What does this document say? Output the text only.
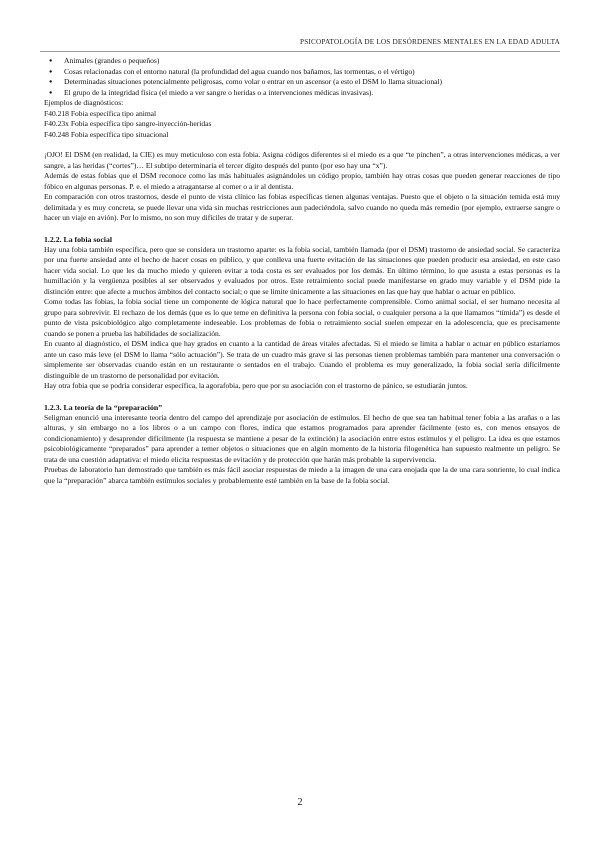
PSICOPATOLOGÍA DE LOS DESÓRDENES MENTALES EN LA EDAD ADULTA
● Animales (grandes o pequeños)
● Cosas relacionadas con el entorno natural (la profundidad del agua cuando nos bañamos, las tormentas, o el vértigo)
● Determinadas situaciones potencialmente peligrosas, como volar o entrar en un ascensor (a esto el DSM lo llama situacional)
● El grupo de la integridad física (el miedo a ver sangre o heridas o a intervenciones médicas invasivas).

Ejemplos de diagnósticos:

F40.218 Fobia específica tipo animal

F40.23x Fobia específica tipo sangre-inyección-heridas

F40.248 Fobia específica tipo situacional

¡OJO! El DSM (en realidad, la CIE) es muy meticuloso con esta fobia. Asigna códigos diferentes si el miedo es a que “te pinchen”, a otras intervenciones médicas, a ver sangre, a las heridas (“cortes”)… El subtipo determinaría el tercer dígito después del punto (por eso hay una “x”).

Además de estas fobias que el DSM reconoce como las más habituales asignándoles un código propio, también hay otras cosas que pueden generar reacciones de tipo fóbico en algunas personas. P. e. el miedo a atragantarse al comer o a ir al dentista.

En comparación con otros trastornos, desde el punto de vista clínico las fobias específicas tienen algunas ventajas. Puesto que el objeto o la situación temida está muy delimitada y es muy concreta, se puede llevar una vida sin muchas restricciones aun padeciéndola, salvo cuando no queda más remedio (por ejemplo, extraerse sangre o hacer un viaje en avión). Por lo mismo, no son muy difíciles de tratar y de superar.

1.2.2. La fobia social

Hay una fobia también específica, pero que se considera un trastorno aparte: es la fobia social, también llamada (por el DSM) trastorno de ansiedad social. Se caracteriza por una fuerte ansiedad ante el hecho de hacer cosas en público, y que conlleva una fuerte evitación de las situaciones que pueden producir esa ansiedad, en este caso hacer vida social. Lo que les da mucho miedo y quieren evitar a toda costa es ser evaluados por los demás. En último término, lo que asusta a estas personas es la humillación y la vergüenza posibles al ser observados y evaluados por otros. Este retraimiento social puede manifestarse en grado muy variable y el DSM pide la distinción entre: que afecte a muchos ámbitos del contacto social; o que se limite únicamente a las situaciones en las que hay que hablar o actuar en público.

Como todas las fobias, la fobia social tiene un componente de lógica natural que lo hace perfectamente comprensible. Como animal social, el ser humano necesita al grupo para sobrevivir. El rechazo de los demás (que es lo que teme en definitiva la persona con fobia social, o cualquier persona a la que llamamos “tímida”) es desde el punto de vista psicobiológico algo completamente indeseable. Los problemas de fobia o retraimiento social suelen empezar en la adolescencia, que es precisamente cuando se ponen a prueba las habilidades de socialización.

En cuanto al diagnóstico, el DSM indica que hay grados en cuanto a la cantidad de áreas vitales afectadas. Si el miedo se limita a hablar o actuar en público estaríamos ante un caso más leve (el DSM lo llama “sólo actuación”). Se trata de un cuadro más grave si las personas tienen problemas también para mantener una conversación o simplemente ser observadas cuando están en un restaurante o sentados en el trabajo. Cuando el problema es muy generalizado, la fobia social sería difícilmente distinguible de un trastorno de personalidad por evitación.

Hay otra fobia que se podría considerar específica, la agorafobia, pero que por su asociación con el trastorno de pánico, se estudiarán juntos.

1.2.3. La teoría de la “preparación”

Seligman enunció una interesante teoría dentro del campo del aprendizaje por asociación de estímulos. El hecho de que sea tan habitual tener fobia a las arañas o a las alturas, y sin embargo no a los libros o a un campo con flores, indica que estamos programados para aprender fácilmente (esto es, con menos ensayos de condicionamiento) y desaprender difícilmente (la respuesta se mantiene a pesar de la extinción) la asociación entre estos estímulos y el peligro. La idea es que estamos psicobiológicamente “preparados” para aprender a temer objetos o situaciones que en algún momento de la historia filogenética han supuesto realmente un peligro. Se trata de una cuestión adaptativa: el miedo elicita respuestas de evitación y de protección que harán más probable la supervivencia.

Pruebas de laboratorio han demostrado que también es más fácil asociar respuestas de miedo a la imagen de una cara enojada que la de una cara sonriente, lo cual indica que la “preparación” abarca también estímulos sociales y probablemente esté también en la base de la fobia social.

2
